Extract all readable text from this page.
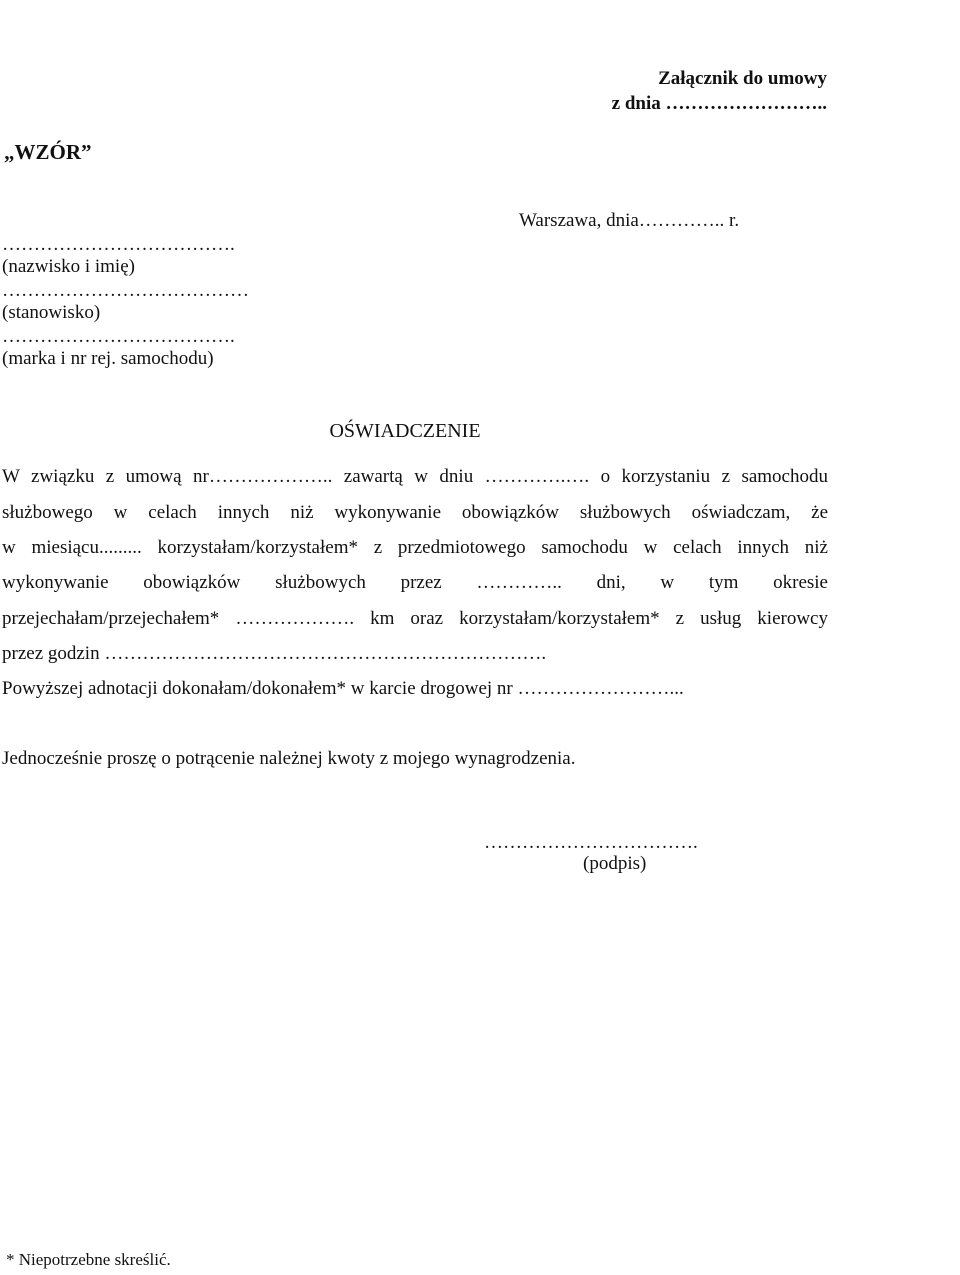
Załącznik do umowy
z dnia ……………………..
„WZÓR”
Warszawa, dnia………….. r.
……………………………….
(nazwisko i imię)
…………………………………
(stanowisko)
……………………………….
(marka i nr rej. samochodu)
OŚWIADCZENIE
W związku z umową nr……………….. zawartą w dniu ………….…. o korzystaniu z samochodu
służbowego w celach innych niż wykonywanie obowiązków służbowych oświadczam, że
w miesiącu......... korzystałam/korzystałem* z przedmiotowego samochodu w celach innych niż
wykonywanie obowiązków służbowych przez ………….. dni, w tym okresie
przejechałam/przejechałem* ………………. km oraz korzystałam/korzystałem* z usług kierowcy
przez godzin …………………………………………………………….
Powyższej adnotacji dokonałam/dokonałem* w karcie drogowej nr ……………………...
Jednocześnie proszę o potrącenie należnej kwoty z mojego wynagrodzenia.
…………………………….
(podpis)
* Niepotrzebne skreślić.
